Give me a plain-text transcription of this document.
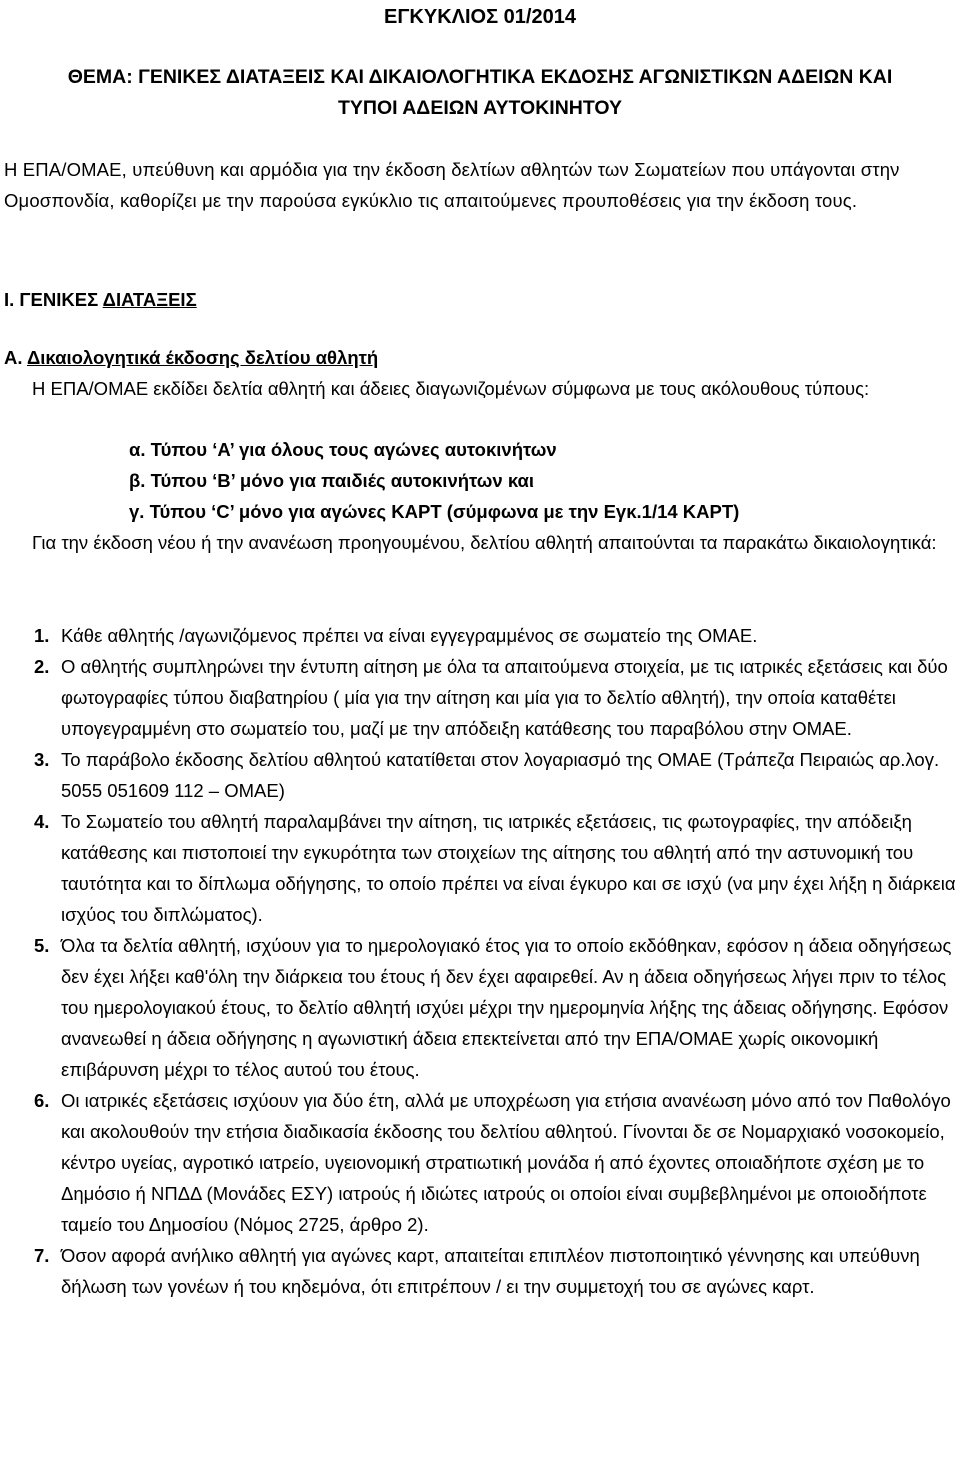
ΕΓΚΥΚΛΙΟΣ 01/2014
ΘΕΜΑ: ΓΕΝΙΚΕΣ ΔΙΑΤΑΞΕΙΣ ΚΑΙ ΔΙΚΑΙΟΛΟΓΗΤΙΚΑ ΕΚΔΟΣΗΣ ΑΓΩΝΙΣΤΙΚΩΝ ΑΔΕΙΩΝ ΚΑΙ
ΤΥΠΟΙ ΑΔΕΙΩΝ ΑΥΤΟΚΙΝΗΤΟΥ
Η ΕΠΑ/ΟΜΑΕ, υπεύθυνη και αρμόδια για την έκδοση δελτίων αθλητών των Σωματείων που υπάγονται στην Ομοσπονδία, καθορίζει με την παρούσα εγκύκλιο τις απαιτούμενες προυποθέσεις για την έκδοση τους.
Ι. ΓΕΝΙΚΕΣ ΔΙΑΤΑΞΕΙΣ
Α. Δικαιολογητικά έκδοσης δελτίου αθλητή
Η ΕΠΑ/ΟΜΑΕ εκδίδει δελτία αθλητή και άδειες διαγωνιζομένων σύμφωνα με τους ακόλουθους τύπους:
α. Τύπου ‘Α’ για όλους τους αγώνες αυτοκινήτων
β. Τύπου ‘Β’ μόνο για παιδιές αυτοκινήτων και
γ. Τύπου ‘C’ μόνο για αγώνες ΚΑΡΤ (σύμφωνα με την Εγκ.1/14 ΚΑΡΤ)
Για την έκδοση νέου ή την ανανέωση προηγουμένου, δελτίου αθλητή απαιτούνται τα παρακάτω δικαιολογητικά:
1. Κάθε αθλητής /αγωνιζόμενος πρέπει να είναι εγγεγραμμένος σε σωματείο της ΟΜΑΕ.
2. Ο αθλητής συμπληρώνει την έντυπη αίτηση με όλα τα απαιτούμενα στοιχεία, με τις ιατρικές εξετάσεις και δύο φωτογραφίες τύπου διαβατηρίου ( μία για την αίτηση και μία για το δελτίο αθλητή), την οποία καταθέτει υπογεγραμμένη στο σωματείο του, μαζί με την απόδειξη κατάθεσης του παραβόλου στην ΟΜΑΕ.
3. Το παράβολο έκδοσης δελτίου αθλητού κατατίθεται στον λογαριασμό της ΟΜΑΕ (Τράπεζα Πειραιώς αρ.λογ. 5055 051609 112 – ΟΜΑΕ)
4. Το Σωματείο του αθλητή παραλαμβάνει την αίτηση, τις ιατρικές εξετάσεις, τις φωτογραφίες, την απόδειξη κατάθεσης και πιστοποιεί την εγκυρότητα των στοιχείων της αίτησης του αθλητή από την αστυνομική του ταυτότητα και το δίπλωμα οδήγησης, το οποίο πρέπει να είναι έγκυρο και σε ισχύ (να μην έχει λήξη η διάρκεια ισχύος του διπλώματος).
5. Όλα τα δελτία αθλητή, ισχύουν για το ημερολογιακό έτος για το οποίο εκδόθηκαν, εφόσον η άδεια οδηγήσεως δεν έχει λήξει καθ'όλη την διάρκεια του έτους ή δεν έχει αφαιρεθεί. Αν η άδεια οδηγήσεως λήγει πριν το τέλος του ημερολογιακού έτους, το δελτίο αθλητή ισχύει μέχρι την ημερομηνία λήξης της άδειας οδήγησης. Εφόσον ανανεωθεί η άδεια οδήγησης η αγωνιστική άδεια επεκτείνεται από την ΕΠΑ/ΟΜΑΕ χωρίς οικονομική επιβάρυνση μέχρι το τέλος αυτού του έτους.
6. Οι ιατρικές εξετάσεις ισχύουν για δύο έτη, αλλά με υποχρέωση για ετήσια ανανέωση μόνο από τον Παθολόγο και ακολουθούν την ετήσια διαδικασία έκδοσης του δελτίου αθλητού. Γίνονται δε σε Νομαρχιακό νοσοκομείο, κέντρο υγείας, αγροτικό ιατρείο, υγειονομική στρατιωτική μονάδα ή από έχοντες οποιαδήποτε σχέση με το Δημόσιο ή ΝΠΔΔ (Μονάδες ΕΣΥ) ιατρούς ή ιδιώτες ιατρούς οι οποίοι είναι συμβεβλημένοι με οποιοδήποτε ταμείο του Δημοσίου (Νόμος 2725, άρθρο 2).
7. Όσον αφορά ανήλικο αθλητή για αγώνες καρτ, απαιτείται επιπλέον πιστοποιητικό γέννησης και υπεύθυνη δήλωση των γονέων ή του κηδεμόνα, ότι επιτρέπουν / ει την συμμετοχή του σε αγώνες καρτ.
